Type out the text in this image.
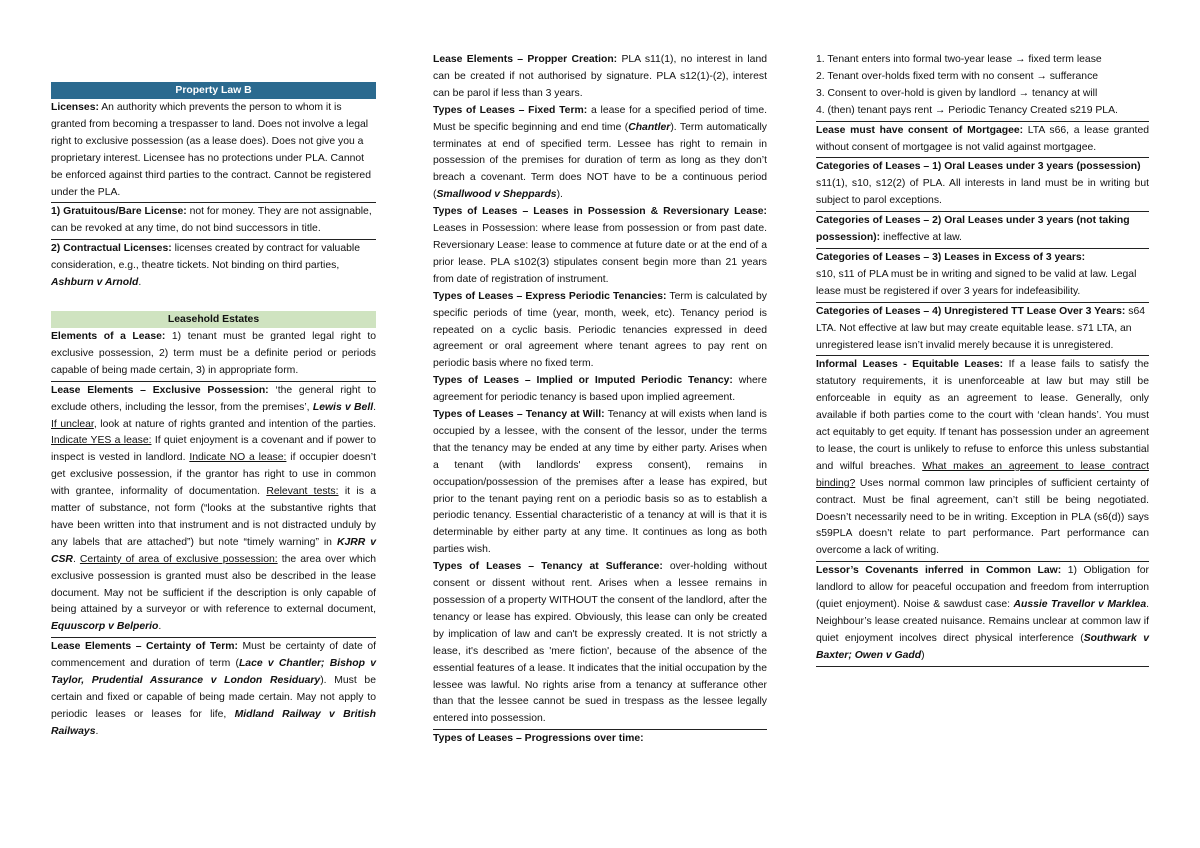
Property Law B
Licenses: An authority which prevents the person to whom it is granted from becoming a trespasser to land. Does not involve a legal right to exclusive possession (as a lease does). Does not give you a proprietary interest. Licensee has no protections under PLA. Cannot be enforced against third parties to the contract. Cannot be registered under the PLA.
1) Gratuitous/Bare License: not for money. They are not assignable, can be revoked at any time, do not bind successors in title.
2) Contractual Licenses: licenses created by contract for valuable consideration, e.g., theatre tickets. Not binding on third parties, Ashburn v Arnold.
Leasehold Estates
Elements of a Lease: 1) tenant must be granted legal right to exclusive possession, 2) term must be a definite period or periods capable of being made certain, 3) in appropriate form.
Lease Elements – Exclusive Possession: ‘the general right to exclude others, including the lessor, from the premises’, Lewis v Bell. If unclear, look at nature of rights granted and intention of the parties. Indicate YES a lease: If quiet enjoyment is a covenant and if power to inspect is vested in landlord. Indicate NO a lease: if occupier doesn’t get exclusive possession, if the grantor has right to use in common with grantee, informality of documentation. Relevant tests: it is a matter of substance, not form (“looks at the substantive rights that have been written into that instrument and is not distracted unduly by any labels that are attached”) but note “timely warning” in KJRR v CSR. Certainty of area of exclusive possession: the area over which exclusive possession is granted must also be described in the lease document. May not be sufficient if the description is only capable of being attained by a surveyor or with reference to external document, Equuscorp v Belperio.
Lease Elements – Certainty of Term: Must be certainty of date of commencement and duration of term (Lace v Chantler; Bishop v Taylor, Prudential Assurance v London Residuary). Must be certain and fixed or capable of being made certain. May not apply to periodic leases or leases for life, Midland Railway v British Railways.
Lease Elements – Propper Creation: PLA s11(1), no interest in land can be created if not authorised by signature. PLA s12(1)-(2), interest can be parol if less than 3 years.
Types of Leases – Fixed Term: a lease for a specified period of time. Must be specific beginning and end time (Chantler). Term automatically terminates at end of specified term. Lessee has right to remain in possession of the premises for duration of term as long as they don’t breach a covenant. Term does NOT have to be a continuous period (Smallwood v Sheppards).
Types of Leases – Leases in Possession & Reversionary Lease: Leases in Possession: where lease from possession or from past date. Reversionary Lease: lease to commence at future date or at the end of a prior lease. PLA s102(3) stipulates consent begin more than 21 years from date of registration of instrument.
Types of Leases – Express Periodic Tenancies: Term is calculated by specific periods of time (year, month, week, etc). Tenancy period is repeated on a cyclic basis. Periodic tenancies expressed in deed agreement or oral agreement where tenant agrees to pay rent on periodic basis where no fixed term.
Types of Leases – Implied or Imputed Periodic Tenancy: where agreement for periodic tenancy is based upon implied agreement.
Types of Leases – Tenancy at Will: Tenancy at will exists when land is occupied by a lessee, with the consent of the lessor, under the terms that the tenancy may be ended at any time by either party. Arises when a tenant (with landlords' express consent), remains in occupation/possession of the premises after a lease has expired, but prior to the tenant paying rent on a periodic basis so as to establish a periodic tenancy. Essential characteristic of a tenancy at will is that it is determinable by either party at any time. It continues as long as both parties wish.
Types of Leases – Tenancy at Sufferance: over-holding without consent or dissent without rent. Arises when a lessee remains in possession of a property WITHOUT the consent of the landlord, after the tenancy or lease has expired. Obviously, this lease can only be created by implication of law and can't be expressly created. It is not strictly a lease, it's described as 'mere fiction', because of the absence of the essential features of a lease. It indicates that the initial occupation by the lessee was lawful. No rights arise from a tenancy at sufferance other than that the lessee cannot be sued in trespass as the lessee legally entered into possession.
Types of Leases – Progressions over time:
1. Tenant enters into formal two-year lease → fixed term lease
2. Tenant over-holds fixed term with no consent → sufferance
3. Consent to over-hold is given by landlord → tenancy at will
4. (then) tenant pays rent → Periodic Tenancy Created s219 PLA.
Lease must have consent of Mortgagee: LTA s66, a lease granted without consent of mortgagee is not valid against mortgagee.
Categories of Leases – 1) Oral Leases under 3 years (possession)
s11(1), s10, s12(2) of PLA. All interests in land must be in writing but subject to parol exceptions.
Categories of Leases – 2) Oral Leases under 3 years (not taking possession): ineffective at law.
Categories of Leases – 3) Leases in Excess of 3 years:
s10, s11 of PLA must be in writing and signed to be valid at law. Legal lease must be registered if over 3 years for indefeasibility.
Categories of Leases – 4) Unregistered TT Lease Over 3 Years: s64 LTA. Not effective at law but may create equitable lease. s71 LTA, an unregistered lease isn’t invalid merely because it is unregistered.
Informal Leases - Equitable Leases: If a lease fails to satisfy the statutory requirements, it is unenforceable at law but may still be enforceable in equity as an agreement to lease. Generally, only available if both parties come to the court with ‘clean hands’. You must act equitably to get equity. If tenant has possession under an agreement to lease, the court is unlikely to refuse to enforce this unless substantial and wilful breaches. What makes an agreement to lease contract binding? Uses normal common law principles of sufficient certainty of contract. Must be final agreement, can’t still be being negotiated. Doesn’t necessarily need to be in writing. Exception in PLA (s6(d)) says s59PLA doesn’t relate to part performance. Part performance can overcome a lack of writing.
Lessor’s Covenants inferred in Common Law: 1) Obligation for landlord to allow for peaceful occupation and freedom from interruption (quiet enjoyment). Noise & sawdust case: Aussie Travellor v Marklea. Neighbour’s lease created nuisance. Remains unclear at common law if quiet enjoyment incolves direct physical interference (Southwark v Baxter; Owen v Gadd)
